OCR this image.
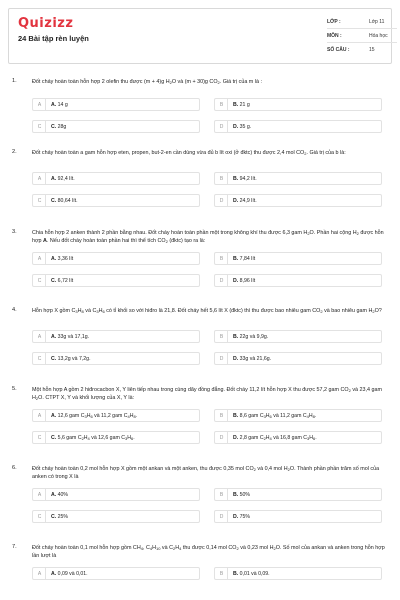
Quizizz
24 Bài tập rèn luyện
LỚP :	Lớp 11
MÔN :	Hóa học
SỐ CÂU :	15
1.	Đốt cháy hoàn toàn hỗn hợp 2 olefin thu được (m + 4)g $H_2O$ và (m + 30)g $CO_2$. Giá trị của m là :
A	A. 14 g	B	B. 21 g
C	C. 28g	D	D. 35 g.
2.	Đốt cháy hoàn toàn a gam hỗn hợp eten, propen, but-2-en cần dùng vừa đủ b lít oxi (ở đktc) thu được 2,4 mol $CO_2$. Giá trị của b là:
A	A. 92,4 lít.	B	B. 94,2 lít.
C	C. 80,64 lít.	D	D. 24,9 lít.
3.	Chia hỗn hợp 2 anken thành 2 phần bằng nhau. Đốt cháy hoàn toàn phần một trong không khí thu được 6,3 gam $H_2O$. Phần hai cộng $H_2$ được hỗn hợp A. Nếu đốt cháy hoàn toàn phần hai thì thể tích $CO_2$ (đktc) tạo ra là:
A	A. 3,36 lít	B	B. 7,84 lít
C	C. 6,72 lít	D	D. 8,96 lít
4.	Hỗn hợp X gồm $C_3H_8$ và $C_3H_6$ có tỉ khối so với hiđro là 21,8. Đốt cháy hết 5,6 lít X (đktc) thì thu được bao nhiêu gam $CO_2$ và bao nhiêu gam $H_2O$?
A	A. 33g và 17,1g.	B	B. 22g và 9,9g.
C	C. 13,2g và 7,2g.	D	D. 33g và 21,6g.
5.	Một hỗn hợp A gồm 2 hiđrocacbon X, Y liên tiếp nhau trong cùng dãy đồng đẳng. Đốt cháy 11,2 lít hỗn hợp X thu được 57,2 gam $CO_2$ và 23,4 gam $H_2O$. CTPT X, Y và khối lượng của X, Y là:
A	A. 12,6 gam $C_3H_6$ và 11,2 gam $C_4H_8$.	B	B. 8,6 gam $C_3H_6$ và 11,2 gam $C_4H_8$.
C	C. 5,6 gam $C_2H_4$ và 12,6 gam $C_3H_6$.	D	D. 2,8 gam $C_2H_4$ và 16,8 gam $C_3H_6$.
6.	Đốt cháy hoàn toàn 0,2 mol hỗn hợp X gồm một ankan và một anken, thu được 0,35 mol $CO_2$ và 0,4 mol $H_2O$. Thành phần phần trăm số mol của anken có trong X là
A	A. 40%	B	B. 50%
C	C. 25%	D	D. 75%
7.	Đốt cháy hoàn toàn 0,1 mol hỗn hợp gồm $CH_4$, $C_4H_{10}$ và $C_2H_4$ thu được 0,14 mol $CO_2$ và 0,23 mol $H_2O$. Số mol của ankan và anken trong hỗn hợp lần lượt là
A	A. 0,09 và 0,01.	B	B. 0,01 và 0,09.
